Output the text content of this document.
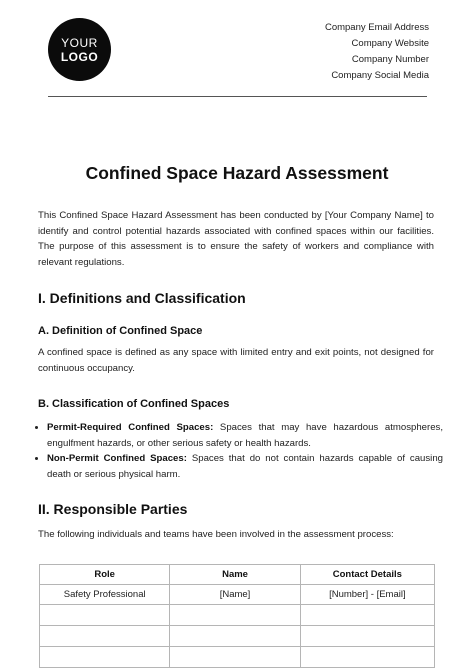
YOUR
LOGO
Company Email Address
Company Website
Company Number
Company Social Media
Confined Space Hazard Assessment
This Confined Space Hazard Assessment has been conducted by [Your Company Name] to identify and control potential hazards associated with confined spaces within our facilities. The purpose of this assessment is to ensure the safety of workers and compliance with relevant regulations.
I. Definitions and Classification
A. Definition of Confined Space
A confined space is defined as any space with limited entry and exit points, not designed for continuous occupancy.
B. Classification of Confined Spaces
• Permit-Required Confined Spaces: Spaces that may have hazardous atmospheres, engulfment hazards, or other serious safety or health hazards.
• Non-Permit Confined Spaces: Spaces that do not contain hazards capable of causing death or serious physical harm.
II. Responsible Parties
The following individuals and teams have been involved in the assessment process:
Role	Name	Contact Details
Safety Professional	[Name]	[Number] - [Email]
